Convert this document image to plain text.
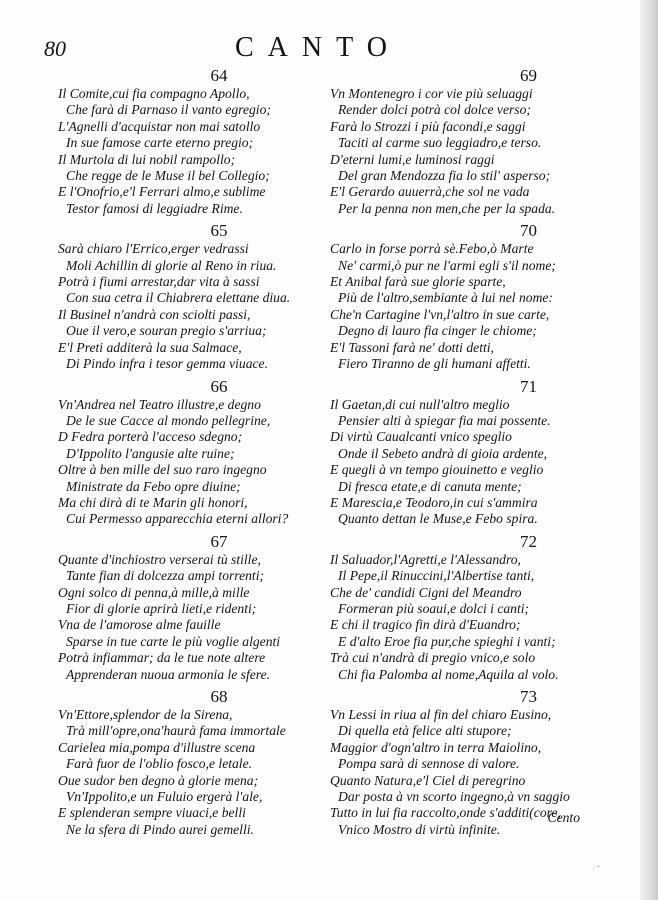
80	CANTO
64
Il Comite,cui fia compagno Apollo,
Che farà di Parnaso il vanto egregio;
L'Agnelli d'acquistar non mai satollo
In sue famose carte eterno pregio;
Il Murtola di lui nobil rampollo;
Che regge de le Muse il bel Collegio;
E l'Onofrio,e'l Ferrari almo,e sublime
Testor famosi di leggiadre Rime.
65
Sarà chiaro l'Errico,erger vedrassi
Moli Achillin di glorie al Reno in riua.
Potrà i fiumi arrestar,dar vita à sassi
Con sua cetra il Chiabrera elettane diua.
Il Businel n'andrà con sciolti passi,
Oue il vero,e souran pregio s'arriua;
E'l Preti additerà la sua Salmace,
Di Pindo infra i tesor gemma viuace.
66
Vn'Andrea nel Teatro illustre,e degno
De le sue Cacce al mondo pellegrine,
D Fedra porterà l'acceso sdegno;
D'Ippolito l'angusie alte ruine;
Oltre à ben mille del suo raro ingegno
Ministrate da Febo opre diuine;
Ma chi dirà di te Marin gli honori,
Cui Permesso apparecchia eterni allori?
67
Quante d'inchiostro verserai tù stille,
Tante fian di dolcezza ampi torrenti;
Ogni solco di penna,à mille,à mille
Fior di glorie aprirà lieti,e ridenti;
Vna de l'amorose alme fauille
Sparse in tue carte le più voglie algenti
Potrà infiammar; da le tue note altere
Apprenderan nuoua armonia le sfere.
68
Vn'Ettore,splendor de la Sirena,
Trà mill'opre,ona'haurà fama immortale
Carielea mia,pompa d'illustre scena
Farà fuor de l'oblio fosco,e letale.
Oue sudor ben degno à glorie mena;
Vn'Ippolito,e un Fuluio ergerà l'ale,
E splenderan sempre viuaci,e belli
Ne la sfera di Pindo aurei gemelli.
69
Vn Montenegro i cor vie più seluaggi
Render dolci potrà col dolce verso;
Farà lo Strozzi i più facondi,e saggi
Taciti al carme suo leggiadro,e terso.
D'eterni lumi,e luminosi raggi
Del gran Mendozza fia lo stil' asperso;
E'l Gerardo auuerrà,che sol ne vada
Per la penna non men,che per la spada.
70
Carlo in forse porrà sè.Febo,ò Marte
Ne' carmi,ò pur ne l'armi egli s'il nome;
Et Anibal farà sue glorie sparte,
Più de l'altro,sembiante à lui nel nome:
Che'n Cartagine l'vn,l'altro in sue carte,
Degno di lauro fia cinger le chiome;
E'l Tassoni farà ne' dotti detti,
Fiero Tiranno de gli humani affetti.
71
Il Gaetan,di cui null'altro meglio
Pensier alti à spiegar fia mai possente.
Di virtù Caualcanti vnico speglio
Onde il Sebeto andrà di gioia ardente,
E quegli à vn tempo giouinetto e veglio
Di fresca etate,e di canuta mente;
E Marescia,e Teodoro,in cui s'ammira
Quanto dettan le Muse,e Febo spira.
72
Il Saluador,l'Agretti,e l'Alessandro,
Il Pepe,il Rinuccini,l'Albertise tanti,
Che de' candidi Cigni del Meandro
Formeran più soaui,e dolci i canti;
E chi il tragico fin dirà d'Euandro;
E d'alto Eroe fia pur,che spieghi i vanti;
Trà cui n'andrà di pregio vnico,e solo
Chi fia Palomba al nome,Aquila al volo.
73
Vn Lessi in riua al fin del chiaro Eusino,
Di quella età felice alti stupore;
Maggior d'ogn'altro in terra Maiolino,
Pompa sarà di sennose di valore.
Quanto Natura,e'l Ciel di peregrino
Dar posta à vn scorto ingegno,à vn saggio
Tutto in lui fia raccolto,onde s'additi(core,
Vnico Mostro di virtù infinite.
Cento
·
